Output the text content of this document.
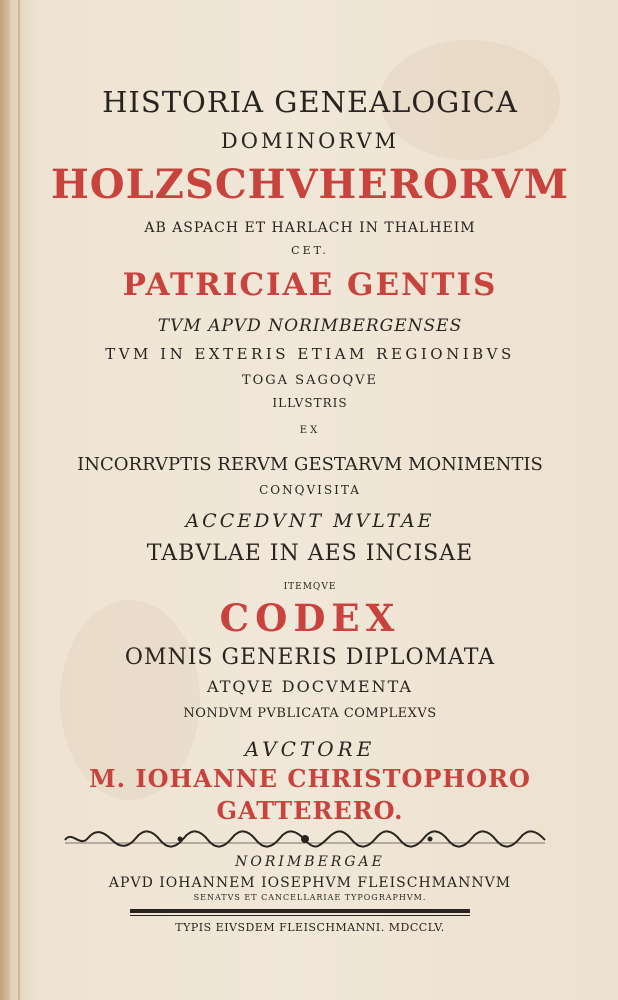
HISTORIA GENEALOGICA
DOMINORVM
HOLZSCHVHERORVM
AB ASPACH ET HARLACH IN THALHEIM
CET.
PATRICIAE GENTIS
TVM APVD NORIMBERGENSES
TVM IN EXTERIS ETIAM REGIONIBVS
TOGA SAGOQVE
ILLVSTRIS
EX
INCORRVPTIS RERVM GESTARVM MONIMENTIS
CONQVISITA
ACCEDVNT MVLTAE
TABVLAE IN AES INCISAE
ITEMQVE
CODEX
OMNIS GENERIS DIPLOMATA
ATQVE DOCVMENTA
NONDVM PVBLICATA COMPLEXVS
AVCTORE
M. IOHANNE CHRISTOPHORO
GATTERERO.
NORIMBERGAE
APVD IOHANNEM IOSEPHVM FLEISCHMANNVM
SENATVS ET CANCELLARIAE TYPOGRAPHVM.
TYPIS EIVSDEM FLEISCHMANNI. MDCCLV.
